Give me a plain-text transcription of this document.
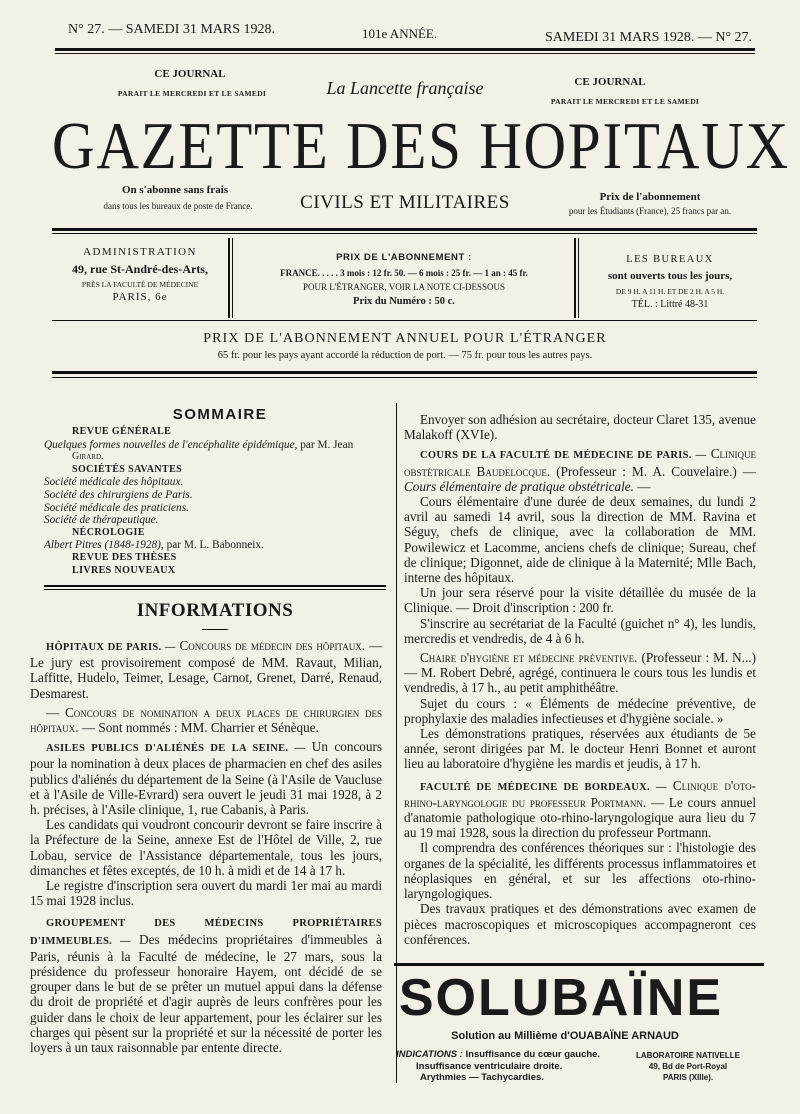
N° 27. — SAMEDI 31 MARS 1928.	101e ANNÉE.	SAMEDI 31 MARS 1928. — N° 27.
CE JOURNAL
PARAIT LE MERCREDI ET LE SAMEDI	La Lancette française	CE JOURNAL
PARAIT LE MERCREDI ET LE SAMEDI
GAZETTE DES HOPITAUX
On s'abonne sans frais
dans tous les bureaux de poste de France.	CIVILS ET MILITAIRES	Prix de l'abonnement
pour les Étudiants (France), 25 francs par an.
ADMINISTRATION
49, rue St-André-des-Arts,
PRÈS LA FACULTÉ DE MÉDECINE
PARIS, 6e
PRIX DE L'ABONNEMENT :
FRANCE. . . . . 3 mois : 12 fr. 50. — 6 mois : 25 fr. — 1 an : 45 fr.
POUR L'ÉTRANGER, VOIR LA NOTE CI-DESSOUS
Prix du Numéro : 50 c.
LES BUREAUX
sont ouverts tous les jours,
DE 9 H. A 11 H. ET DE 2 H. A 5 H.
TÉL. : Littré 48-31
PRIX DE L'ABONNEMENT ANNUEL POUR L'ÉTRANGER
65 fr. pour les pays ayant accordé la réduction de port. — 75 fr. pour tous les autres pays.
SOMMAIRE
REVUE GÉNÉRALE
Quelques formes nouvelles de l'encéphalite épidémique, par M. Jean
Girard.
SOCIÉTÉS SAVANTES
Société médicale des hôpitaux.
Société des chirurgiens de Paris.
Société médicale des praticiens.
Société de thérapeutique.
NÉCROLOGIE
Albert Pitres (1848-1928), par M. L. Babonneix.
REVUE DES THÈSES
LIVRES NOUVEAUX
INFORMATIONS

HÔPITAUX DE PARIS. — Concours de médecin des hôpitaux. — Le jury est provisoirement composé de MM. Ravaut, Milian, Laffitte, Hudelo, Teimer, Lesage, Carnot, Grenet, Darré, Renaud, Desmarest.

— Concours de nomination a deux places de chirurgien des hôpitaux. — Sont nommés : MM. Charrier et Sénèque.

ASILES PUBLICS D'ALIÉNÉS DE LA SEINE. — Un concours pour la nomination à deux places de pharmacien en chef des asiles publics d'aliénés du département de la Seine (à l'Asile de Vaucluse et à l'Asile de Ville-Evrard) sera ouvert le jeudi 31 mai 1928, à 2 h. précises, à l'Asile clinique, 1, rue Cabanis, à Paris.

Les candidats qui voudront concourir devront se faire inscrire à la Préfecture de la Seine, annexe Est de l'Hôtel de Ville, 2, rue Lobau, service de l'Assistance départementale, tous les jours, dimanches et fêtes exceptés, de 10 h. à midi et de 14 à 17 h.

Le registre d'inscription sera ouvert du mardi 1er mai au mardi 15 mai 1928 inclus.

GROUPEMENT DES MÉDECINS PROPRIÉTAIRES D'IMMEUBLES. — Des médecins propriétaires d'immeubles à Paris, réunis à la Faculté de médecine, le 27 mars, sous la présidence du professeur honoraire Hayem, ont décidé de se grouper dans le but de se prêter un mutuel appui dans la défense du droit de propriété et d'agir auprès de leurs confrères pour les guider dans le choix de leur appartement, pour les éclairer sur les charges qui pèsent sur la propriété et sur la nécessité de porter les loyers à un taux raisonnable par entente directe.

Envoyer son adhésion au secrétaire, docteur Claret 135, avenue Malakoff (XVIe).

COURS DE LA FACULTÉ DE MÉDECINE DE PARIS. — Clinique obstétricale Baudelocque. (Professeur : M. A. Couvelaire.) — Cours élémentaire de pratique obstétricale. —

Cours élémentaire d'une durée de deux semaines, du lundi 2 avril au samedi 14 avril, sous la direction de MM. Ravina et Séguy, chefs de clinique, avec la collaboration de MM. Powilewicz et Lacomme, anciens chefs de clinique; Sureau, chef de clinique; Digonnet, aide de clinique à la Maternité; Mlle Bach, interne des hôpitaux.

Un jour sera réservé pour la visite détaillée du musée de la Clinique. — Droit d'inscription : 200 fr.

S'inscrire au secrétariat de la Faculté (guichet n° 4), les lundis, mercredis et vendredis, de 4 à 6 h.

Chaire d'hygiène et médecine préventive. (Professeur : M. N...) — M. Robert Debré, agrégé, continuera le cours tous les lundis et vendredis, à 17 h., au petit amphithéâtre.

Sujet du cours : « Éléments de médecine préventive, de prophylaxie des maladies infectieuses et d'hygiène sociale. »

Les démonstrations pratiques, réservées aux étudiants de 5e année, seront dirigées par M. le docteur Henri Bonnet et auront lieu au laboratoire d'hygiène les mardis et jeudis, à 17 h.

FACULTÉ DE MÉDECINE DE BORDEAUX. — Clinique d'oto-rhino-laryngologie du professeur Portmann. — Le cours annuel d'anatomie pathologique oto-rhino-laryngologique aura lieu du 7 au 19 mai 1928, sous la direction du professeur Portmann.

Il comprendra des conférences théoriques sur : l'histologie des organes de la spécialité, les différents processus inflammatoires et néoplasiques en général, et sur les affections oto-rhino-laryngologiques.

Des travaux pratiques et des démonstrations avec examen de pièces macroscopiques et microscopiques accompagneront ces conférences.

SOLUBAÏNE
Solution au Millième d'OUABAÏNE ARNAUD
INDICATIONS : Insuffisance du cœur gauche.
Insuffisance ventriculaire droite.
Arythmies — Tachycardies.
LABORATOIRE NATIVELLE
49, Bd de Port-Royal
PARIS (XIIIe).
